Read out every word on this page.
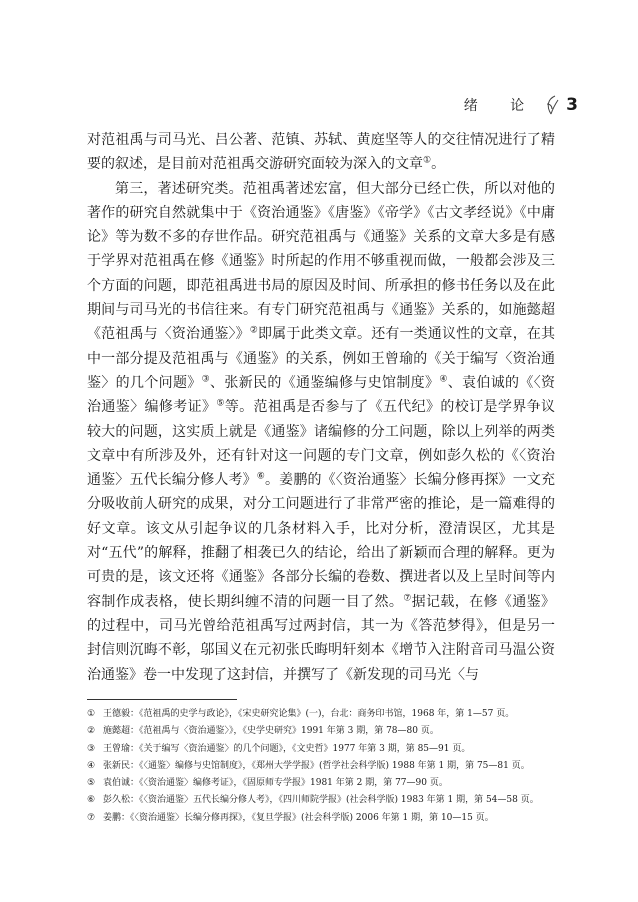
绪 论 3

对范祖禹与司马光、吕公著、范镇、苏轼、黄庭坚等人的交往情况进行了精要的叙述，是目前对范祖禹交游研究面较为深入的文章①。

第三，著述研究类。范祖禹著述宏富，但大部分已经亡佚，所以对他的著作的研究自然就集中于《资治通鉴》《唐鉴》《帝学》《古文孝经说》《中庸论》等为数不多的存世作品。研究范祖禹与《通鉴》关系的文章大多是有感于学界对范祖禹在修《通鉴》时所起的作用不够重视而做，一般都会涉及三个方面的问题，即范祖禹进书局的原因及时间、所承担的修书任务以及在此期间与司马光的书信往来。有专门研究范祖禹与《通鉴》关系的，如施懿超《范祖禹与〈资治通鉴〉》②即属于此类文章。还有一类通议性的文章，在其中一部分提及范祖禹与《通鉴》的关系，例如王曾瑜的《关于编写〈资治通鉴〉的几个问题》③、张新民的《通鉴编修与史馆制度》④、袁伯诚的《〈资治通鉴〉编修考证》⑤等。范祖禹是否参与了《五代纪》的校订是学界争议较大的问题，这实质上就是《通鉴》诸编修的分工问题，除以上列举的两类文章中有所涉及外，还有针对这一问题的专门文章，例如彭久松的《〈资治通鉴〉五代长编分修人考》⑥。姜鹏的《〈资治通鉴〉长编分修再探》一文充分吸收前人研究的成果，对分工问题进行了非常严密的推论，是一篇难得的好文章。该文从引起争议的几条材料入手，比对分析，澄清误区，尤其是对“五代”的解释，推翻了相袭已久的结论，给出了新颖而合理的解释。更为可贵的是，该文还将《通鉴》各部分长编的卷数、撰进者以及上呈时间等内容制作成表格，使长期纠缠不清的问题一目了然。⑦据记载，在修《通鉴》的过程中，司马光曾给范祖禹写过两封信，其一为《答范梦得》，但是另一封信则沉晦不彰，邬国义在元初张氏晦明轩刻本《增节入注附音司马温公资治通鉴》卷一中发现了这封信，并撰写了《新发现的司马光〈与

① 王德毅：《范祖禹的史学与政论》，《宋史研究论集》(一)，台北：商务印书馆，1968 年，第 1—57 页。
② 施懿超：《范祖禹与〈资治通鉴〉》，《史学史研究》1991 年第 3 期，第 78—80 页。
③ 王曾瑜：《关于编写〈资治通鉴〉的几个问题》，《文史哲》1977 年第 3 期，第 85—91 页。
④ 张新民：《〈通鉴〉编修与史馆制度》，《郑州大学学报》(哲学社会科学版) 1988 年第 1 期，第 75—81 页。
⑤ 袁伯诚：《〈资治通鉴〉编修考证》，《固原师专学报》1981 年第 2 期，第 77—90 页。
⑥ 彭久松：《〈资治通鉴〉五代长编分修人考》，《四川师院学报》(社会科学版) 1983 年第 1 期，第 54—58 页。
⑦ 姜鹏：《〈资治通鉴〉长编分修再探》，《复旦学报》(社会科学版) 2006 年第 1 期，第 10—15 页。
